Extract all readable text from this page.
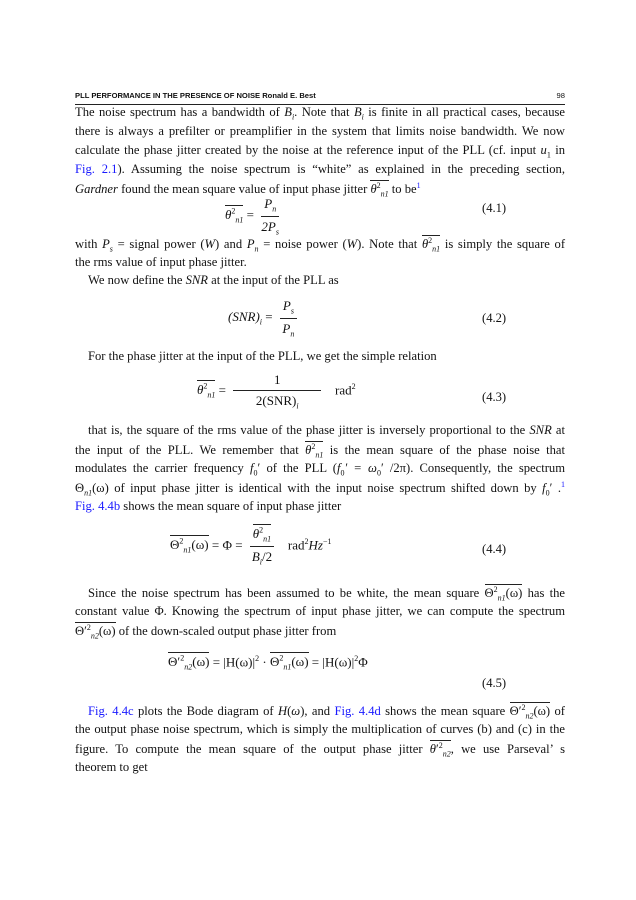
PLL PERFORMANCE IN THE PRESENCE OF NOISE Ronald E. Best	98
The noise spectrum has a bandwidth of $B_i$. Note that $B_i$ is finite in all practical cases, because
there is always a prefilter or preamplifier in the system that limits noise bandwidth. We now
calculate the phase jitter created by the noise at the reference input of the PLL (cf. input $u_1$ in
Fig. 2.1). Assuming the noise spectrum is “white” as explained in the preceding section,
Gardner found the mean square value of input phase jitter $\theta^2_{n1}$ to $be^1$
$\theta^2_{n1} = \frac{P_n}{2P_s}$	(4.1)
with $P_s$ = signal power (W) and $P_n$ = noise power (W). Note that $\theta^2_{n1}$ is simply the square of
the rms value of input phase jitter.
We now define the SNR at the input of the PLL as
$(SNR)_i = \frac{P_s}{P_n}$	(4.2)
For the phase jitter at the input of the PLL, we get the simple relation
$\theta^2_{n1} = \frac{1}{2(SNR)_i} rad^2$
(4.3)
that is, the square of the rms value of the phase jitter is inversely proportional to the SNR at
the input of the PLL. We remember that $\theta^2_{n1}$ is the mean square of the phase noise that
modulates the carrier frequency $f_0'$ of the PLL ($f_0' = \omega_0'$ /2π). Consequently, the spectrum
$\Theta_{n1}(\omega)$ of input phase jitter is identical with the input noise spectrum shifted down by $f_0'$ .$^1$
Fig. 4.4b shows the mean square of input phase jitter
$\Theta^2_{n1}(\omega) = \Phi = \frac{\theta^2_{n1}}{B_i/2} rad^2Hz^{-1}$
(4.4)
Since the noise spectrum has been assumed to be white, the mean square $\Theta^2_{n1}(\omega)$ has the
constant value Φ. Knowing the spectrum of input phase jitter, we can compute the spectrum
$\Theta'^2_{n2}(\omega)$ of the down-scaled output phase jitter from
$\Theta'^2_{n2}(\omega) = |H(\omega)|^2 \cdot \Theta^2_{n1}(\omega) = |H(\omega)|^2\Phi$
(4.5)
Fig. 4.4c plots the Bode diagram of H(ω), and Fig. 4.4d shows the mean square $\Theta'^2_{n2}(\omega)$ of
the output phase noise spectrum, which is simply the multiplication of curves (b) and (c) in the
figure. To compute the mean square of the output phase jitter $\theta'^2_{n2}$, we use Parseval’ s
theorem to get
